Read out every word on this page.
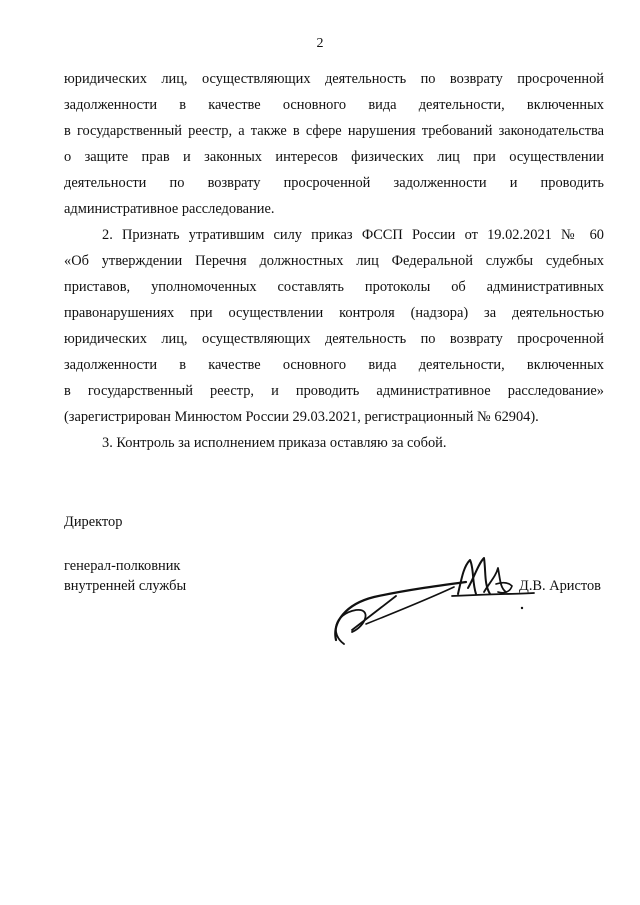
2

юридических лиц, осуществляющих деятельность по возврату просроченной
задолженности в качестве основного вида деятельности, включенных
в государственный реестр, а также в сфере нарушения требований законодательства
о защите прав и законных интересов физических лиц при осуществлении
деятельности по возврату просроченной задолженности и проводить
административное расследование.

2. Признать утратившим силу приказ ФССП России от 19.02.2021 № 60
«Об утверждении Перечня должностных лиц Федеральной службы судебных
приставов, уполномоченных составлять протоколы об административных
правонарушениях при осуществлении контроля (надзора) за деятельностью
юридических лиц, осуществляющих деятельность по возврату просроченной
задолженности в качестве основного вида деятельности, включенных
в государственный реестр, и проводить административное расследование»
(зарегистрирован Минюстом России 29.03.2021, регистрационный № 62904).

3. Контроль за исполнением приказа оставляю за собой.

Директор
генерал-полковник
внутренней службы	Д.В. Аристов
